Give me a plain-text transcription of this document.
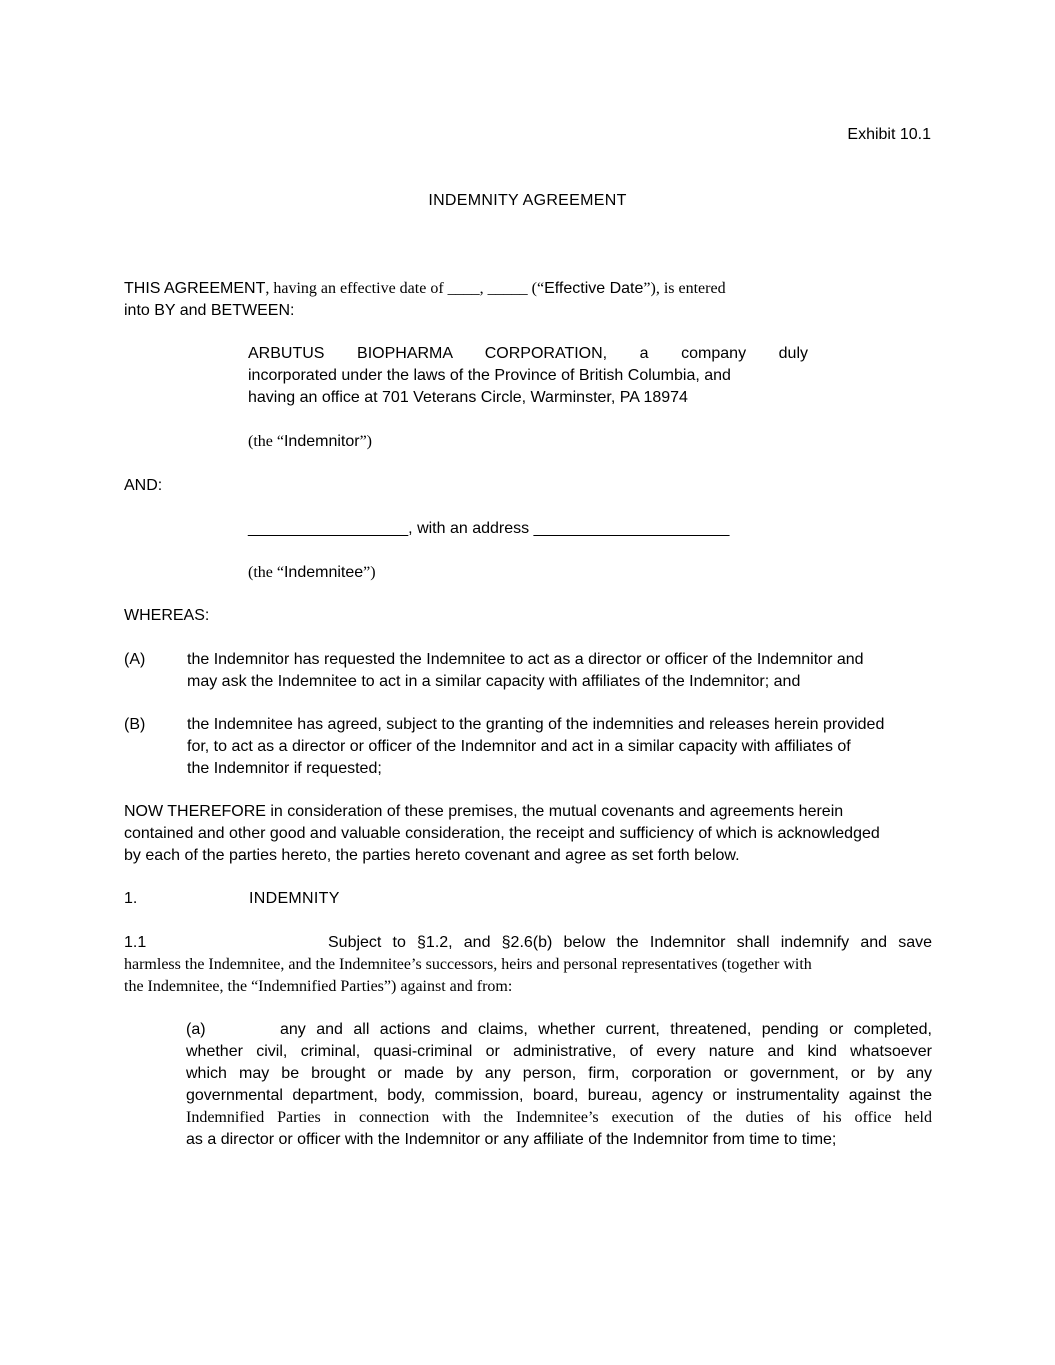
Exhibit 10.1
INDEMNITY AGREEMENT
THIS AGREEMENT, having an effective date of ____, _____ (“Effective Date”), is entered
into BY and BETWEEN:
ARBUTUS BIOPHARMA CORPORATION, a company duly
incorporated under the laws of the Province of British Columbia, and
having an office at 701 Veterans Circle, Warminster, PA 18974
(the “Indemnitor”)
AND:
__________________, with an address ______________________
(the “Indemnitee”)
WHEREAS:
(A)	the Indemnitor has requested the Indemnitee to act as a director or officer of the Indemnitor and
may ask the Indemnitee to act in a similar capacity with affiliates of the Indemnitor; and
(B)	the Indemnitee has agreed, subject to the granting of the indemnities and releases herein provided
for, to act as a director or officer of the Indemnitor and act in a similar capacity with affiliates of
the Indemnitor if requested;
NOW THEREFORE in consideration of these premises, the mutual covenants and agreements herein
contained and other good and valuable consideration, the receipt and sufficiency of which is acknowledged
by each of the parties hereto, the parties hereto covenant and agree as set forth below.
1.	INDEMNITY
1.1	Subject to §1.2, and §2.6(b) below the Indemnitor shall indemnify and save
harmless the Indemnitee, and the Indemnitee’s successors, heirs and personal representatives (together with
the Indemnitee, the “Indemnified Parties”) against and from:
(a)	any and all actions and claims, whether current, threatened, pending or completed,
whether civil, criminal, quasi-criminal or administrative, of every nature and kind whatsoever
which may be brought or made by any person, firm, corporation or government, or by any
governmental department, body, commission, board, bureau, agency or instrumentality against the
Indemnified Parties in connection with the Indemnitee’s execution of the duties of his office held
as a director or officer with the Indemnitor or any affiliate of the Indemnitor from time to time;
